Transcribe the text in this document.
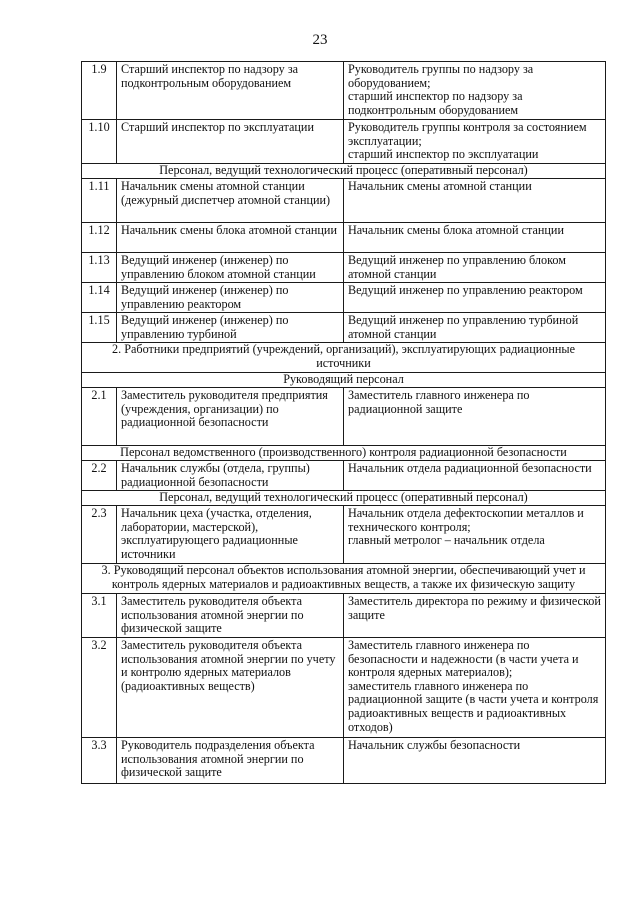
23
1.9	Старший инспектор по надзору за подконтрольным оборудованием	Руководитель группы по надзору за оборудованием;
старший инспектор по надзору за подконтрольным оборудованием

1.10	Старший инспектор по эксплуатации	Руководитель группы контроля за состоянием эксплуатации;
старший инспектор по эксплуатации

Персонал, ведущий технологический процесс (оперативный персонал)		
1.11	Начальник смены атомной станции (дежурный диспетчер атомной станции)	Начальник смены атомной станции
1.12	Начальник смены блока атомной станции	Начальник смены блока атомной станции
1.13	Ведущий инженер (инженер) по управлению блоком атомной станции	Ведущий инженер по управлению блоком атомной станции
1.14	Ведущий инженер (инженер) по управлению реактором	Ведущий инженер по управлению реактором
1.15	Ведущий инженер (инженер) по управлению турбиной	Ведущий инженер по управлению турбиной атомной станции
2. Работники предприятий (учреждений, организаций), эксплуатирующих радиационные источники		
Руководящий персонал		
2.1	Заместитель руководителя предприятия (учреждения, организации) по радиационной безопасности	Заместитель главного инженера по радиационной защите
Персонал ведомственного (производственного) контроля радиационной безопасности		
2.2	Начальник службы (отдела, группы) радиационной безопасности	Начальник отдела радиационной безопасности
Персонал, ведущий технологический процесс (оперативный персонал)		
2.3	Начальник цеха (участка, отделения, лаборатории, мастерской), эксплуатирующего радиационные источники	Начальник отдела дефектоскопии металлов и технического контроля;
главный метролог – начальник отдела

3. Руководящий персонал объектов использования атомной энергии, обеспечивающий учет и контроль ядерных материалов и радиоактивных веществ, а также их физическую защиту		
3.1	Заместитель руководителя объекта использования атомной энергии по физической защите	Заместитель директора по режиму и физической защите
3.2	Заместитель руководителя объекта использования атомной энергии по учету и контролю ядерных материалов (радиоактивных веществ)	Заместитель главного инженера по безопасности и надежности (в части учета и контроля ядерных материалов);
заместитель главного инженера по радиационной защите (в части учета и контроля радиоактивных веществ и радиоактивных отходов)

3.3	Руководитель подразделения объекта использования атомной энергии по физической защите	Начальник службы безопасности
